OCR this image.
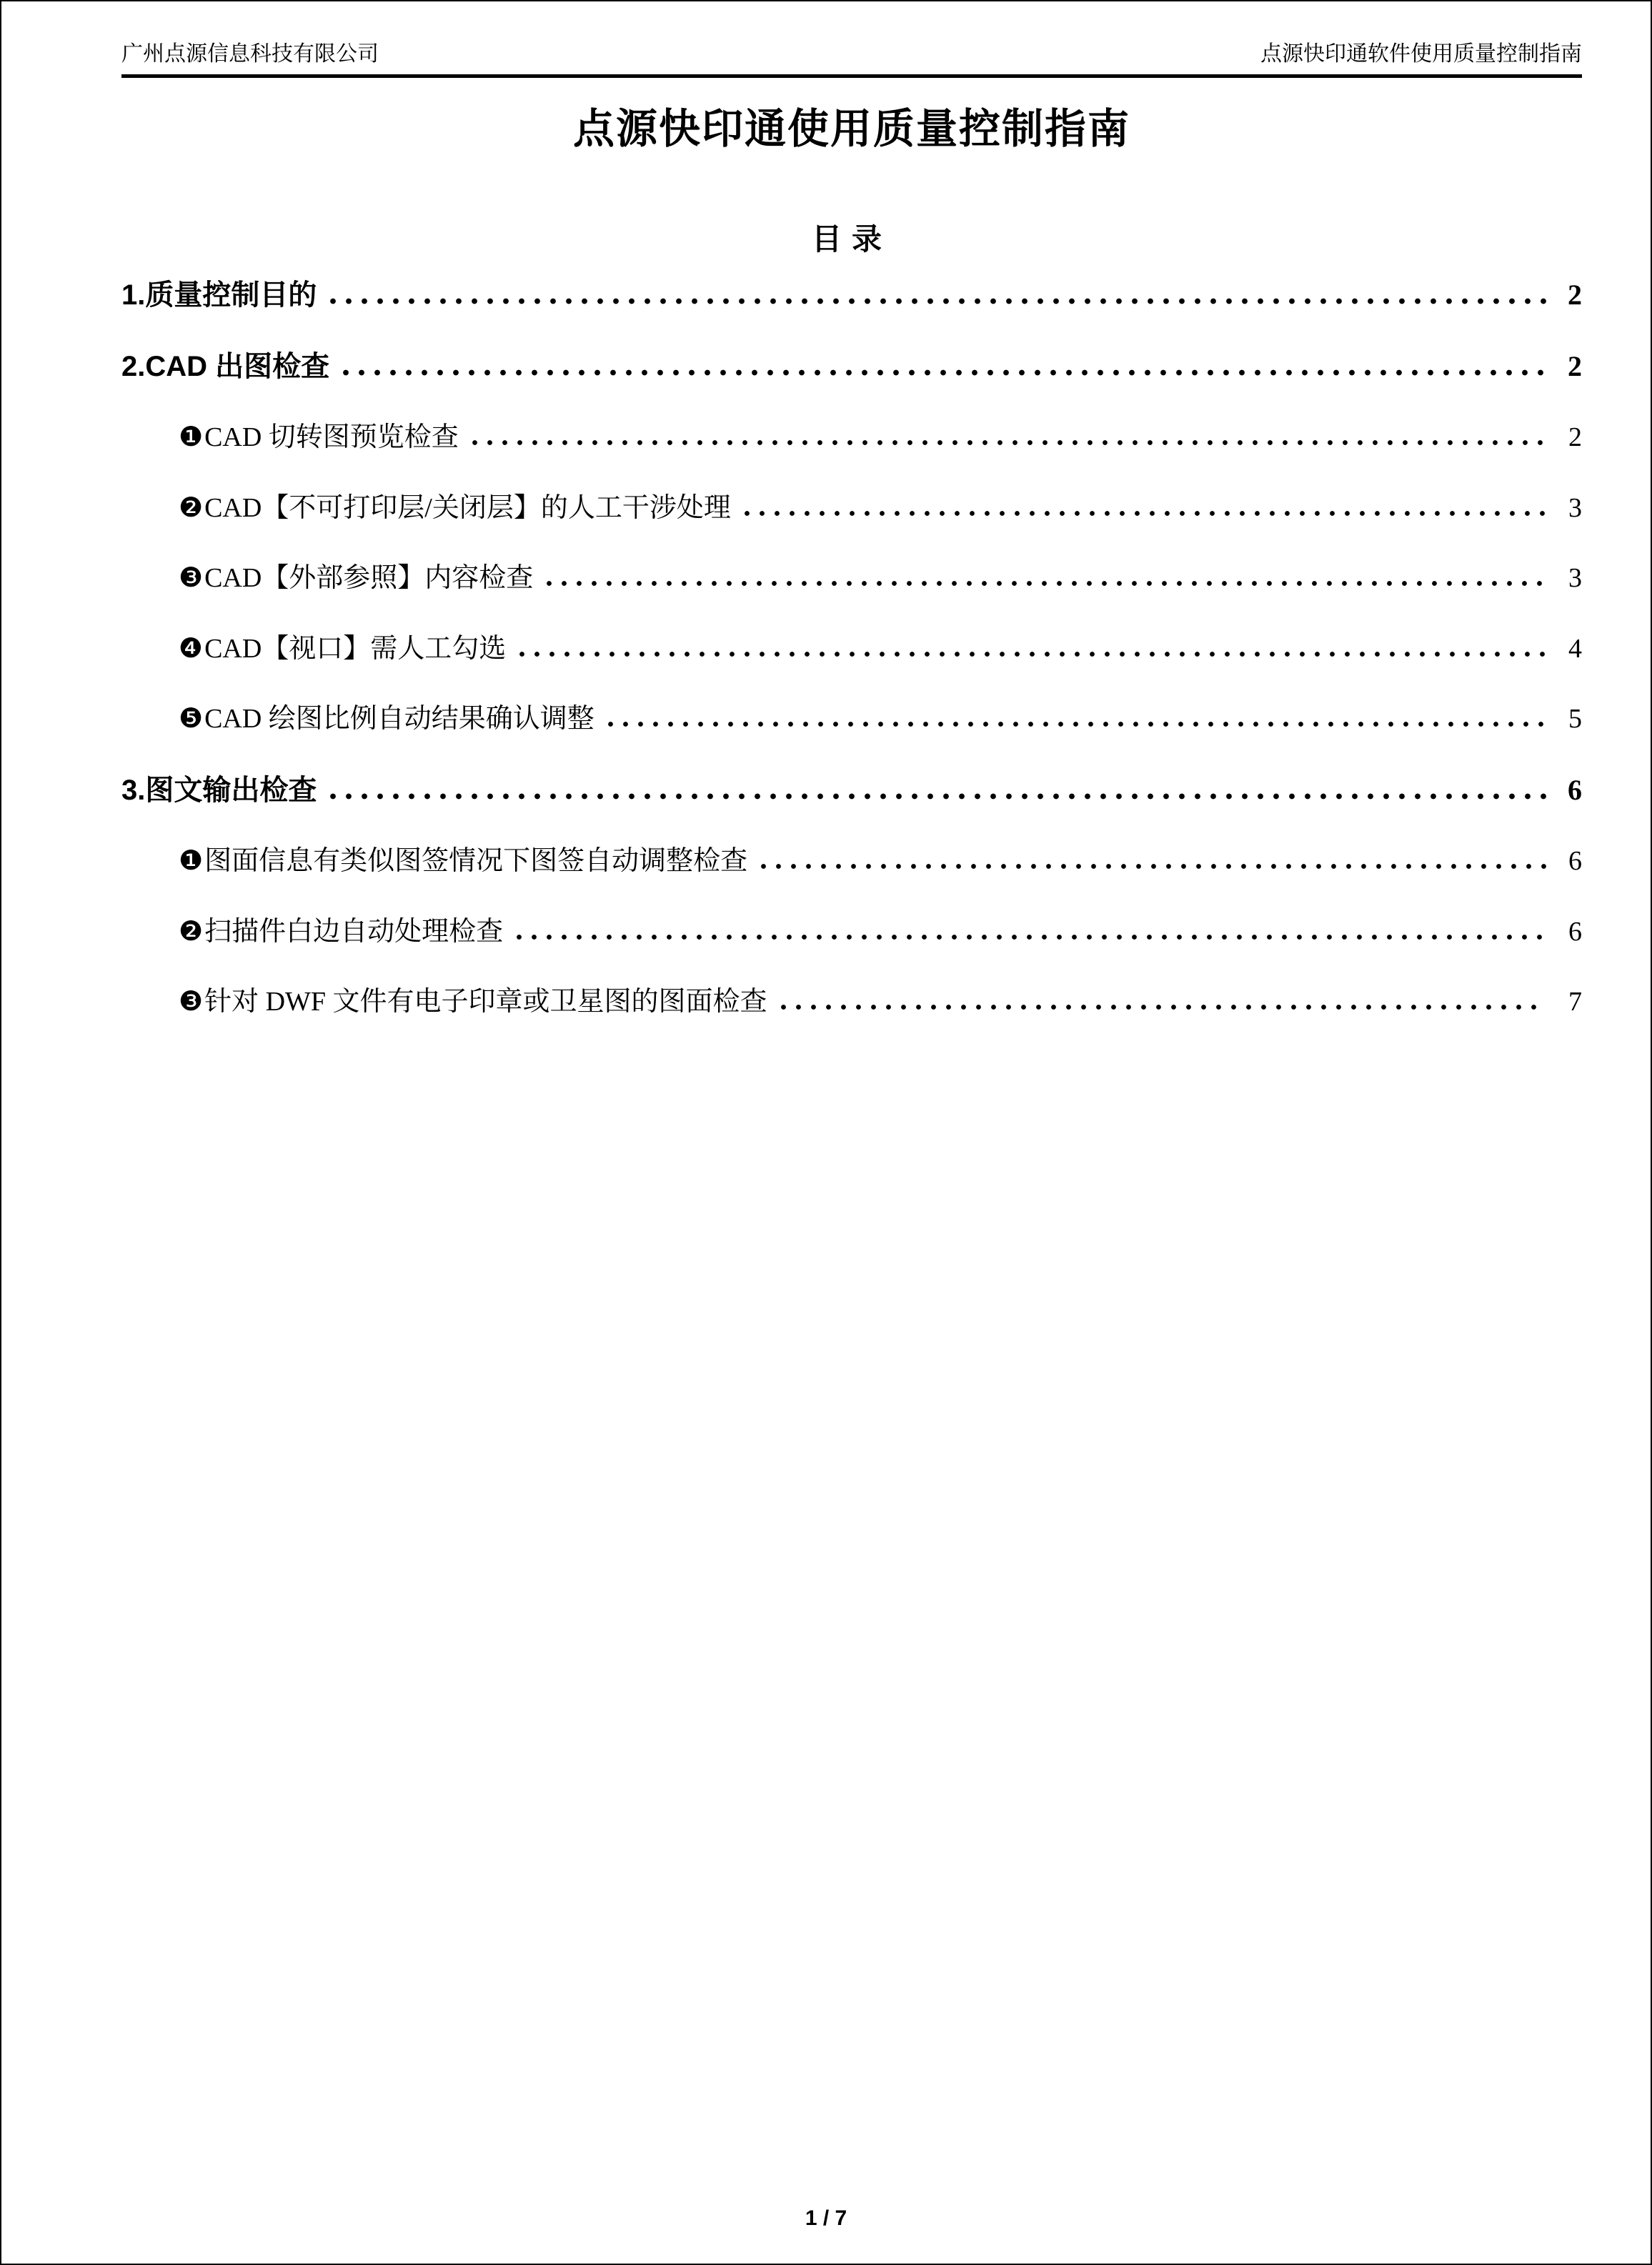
广州点源信息科技有限公司	点源快印通软件使用质量控制指南
点源快印通使用质量控制指南
目录
1.质量控制目的	2
2.CAD 出图检查	2
❶ CAD 切转图预览检查	2
❷ CAD【不可打印层/关闭层】的人工干涉处理	3
❸ CAD【外部参照】内容检查	3
❹ CAD【视口】需人工勾选	4
❺ CAD 绘图比例自动结果确认调整	5
3.图文输出检查	6
❶ 图面信息有类似图签情况下图签自动调整检查	6
❷ 扫描件白边自动处理检查	6
❸ 针对 DWF 文件有电子印章或卫星图的图面检查	7
1 / 7
